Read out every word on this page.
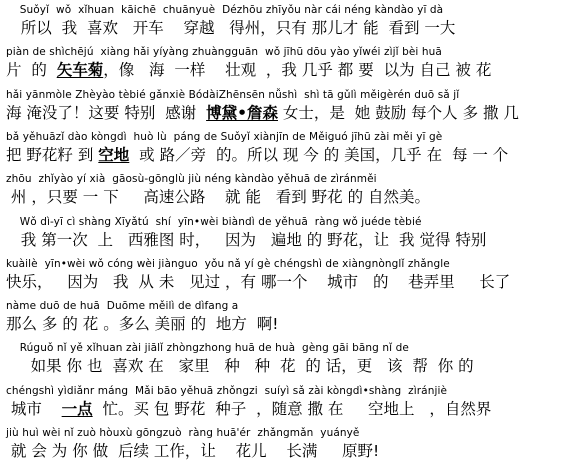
Suǒyǐ  wǒ  xǐhuan  kāichē  chuānyuè  Dézhōu zhīyǒu nàr cái néng kàndào yī dà
所以  我  喜欢   开车    穿越   得州，只有 那儿才 能  看到 一大
piàn de shìchējú  xiàng hǎi yíyàng zhuàngguān  wǒ jīhū dōu yào yǐwéi zìjǐ bèi huā
片  的  矢车菊，像   海  一样    壮观  ，我 几乎 都 要  以为 自己 被 花
hǎi yānmòle Zhèyào tèbié gǎnxiè BódàiZhēnsēn nǚshì  shì tā gǔlì měigèrén duō sǎ jǐ
海 淹没了！这要 特别  感谢  博黛•詹森 女士，是  她 鼓励 每个人 多 撒 几
bǎ yěhuāzǐ dào kòngdì  huò lù  páng de Suǒyǐ xiànjīn de Měiguó jīhū zài měi yī gè
把 野花籽 到 空地  或 路／旁  的。所以 现 今 的 美国，几乎 在  每 一 个
zhōu  zhǐyào yí xià  gāosù-gōnglù jiù néng kàndào yěhuā de zìránměi
州 ，只要 一 下     高速公路    就 能   看到 野花 的 自然美。
Wǒ dì-yī cì shàng Xīyǎtú  shí  yīn•wèi biàndì de yěhuā  ràng wǒ juéde tèbié
我 第一次  上   西雅图 时，   因为   遍地 的 野花，让  我 觉得 特别
kuàilè  yīn•wèi wǒ cóng wèi jiànguo  yǒu nǎ yí gè chéngshì de xiàngnònglǐ zhǎngle
快乐，   因为   我  从 未   见过 ，有 哪一个    城市   的    巷弄里     长了
nàme duō de huā  Duōme měilì de dìfang a
那么 多 的 花 。多么 美丽 的  地方  啊!
Rúguǒ nǐ yě xǐhuan zài jiālǐ zhòngzhong huā de huà  gèng gāi bāng nǐ de
如果 你 也  喜欢 在   家里   种   种  花  的 话，更   该  帮  你 的
chéngshì yìdiǎnr máng  Mǎi bāo yěhuā zhǒngzi  suíyì sǎ zài kòngdì•shàng  zìránjiè
城市    一点  忙。买 包 野花  种子  ，随意 撒 在     空地上   ，自然界
jiù huì wèi nǐ zuò hòuxù gōngzuò  ràng huā'ér  zhǎngmǎn  yuányě
就 会 为 你 做  后续 工作，让    花儿    长满     原野!
